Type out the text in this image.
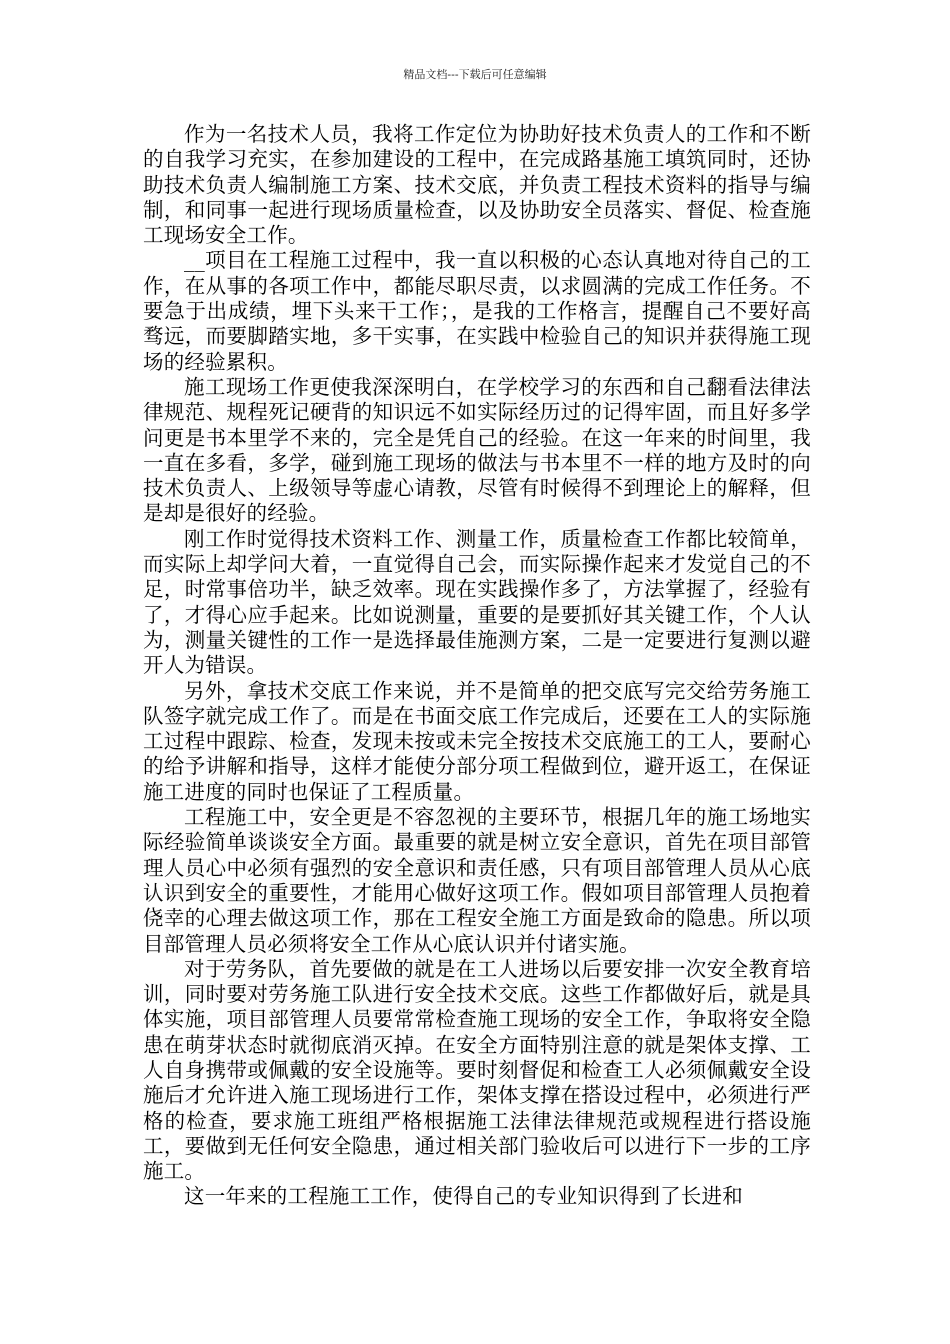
精品文档---下载后可任意编辑

作为一名技术人员，我将工作定位为协助好技术负责人的工作和不断的自我学习充实，在参加建设的工程中，在完成路基施工填筑同时，还协助技术负责人编制施工方案、技术交底，并负责工程技术资料的指导与编制，和同事一起进行现场质量检查，以及协助安全员落实、督促、检查施工现场安全工作。

__项目在工程施工过程中，我一直以积极的心态认真地对待自己的工作，在从事的各项工作中，都能尽职尽责，以求圆满的完成工作任务。不要急于出成绩，埋下头来干工作；，是我的工作格言，提醒自己不要好高骛远，而要脚踏实地，多干实事，在实践中检验自己的知识并获得施工现场的经验累积。

施工现场工作更使我深深明白，在学校学习的东西和自己翻看法律法律规范、规程死记硬背的知识远不如实际经历过的记得牢固，而且好多学问更是书本里学不来的，完全是凭自己的经验。在这一年来的时间里，我一直在多看，多学，碰到施工现场的做法与书本里不一样的地方及时的向技术负责人、上级领导等虚心请教，尽管有时候得不到理论上的解释，但是却是很好的经验。

刚工作时觉得技术资料工作、测量工作，质量检查工作都比较简单，而实际上却学问大着，一直觉得自己会，而实际操作起来才发觉自己的不足，时常事倍功半，缺乏效率。现在实践操作多了，方法掌握了，经验有了，才得心应手起来。比如说测量，重要的是要抓好其关键工作，个人认为，测量关键性的工作一是选择最佳施测方案，二是一定要进行复测以避开人为错误。

另外，拿技术交底工作来说，并不是简单的把交底写完交给劳务施工队签字就完成工作了。而是在书面交底工作完成后，还要在工人的实际施工过程中跟踪、检查，发现未按或未完全按技术交底施工的工人，要耐心的给予讲解和指导，这样才能使分部分项工程做到位，避开返工，在保证施工进度的同时也保证了工程质量。

工程施工中，安全更是不容忽视的主要环节，根据几年的施工场地实际经验简单谈谈安全方面。最重要的就是树立安全意识，首先在项目部管理人员心中必须有强烈的安全意识和责任感，只有项目部管理人员从心底认识到安全的重要性，才能用心做好这项工作。假如项目部管理人员抱着侥幸的心理去做这项工作，那在工程安全施工方面是致命的隐患。所以项目部管理人员必须将安全工作从心底认识并付诸实施。

对于劳务队，首先要做的就是在工人进场以后要安排一次安全教育培训，同时要对劳务施工队进行安全技术交底。这些工作都做好后，就是具体实施，项目部管理人员要常常检查施工现场的安全工作，争取将安全隐患在萌芽状态时就彻底消灭掉。在安全方面特别注意的就是架体支撑、工人自身携带或佩戴的安全设施等。要时刻督促和检查工人必须佩戴安全设施后才允许进入施工现场进行工作，架体支撑在搭设过程中，必须进行严格的检查，要求施工班组严格根据施工法律法律规范或规程进行搭设施工，要做到无任何安全隐患，通过相关部门验收后可以进行下一步的工序施工。

这一年来的工程施工工作，使得自己的专业知识得到了长进和
